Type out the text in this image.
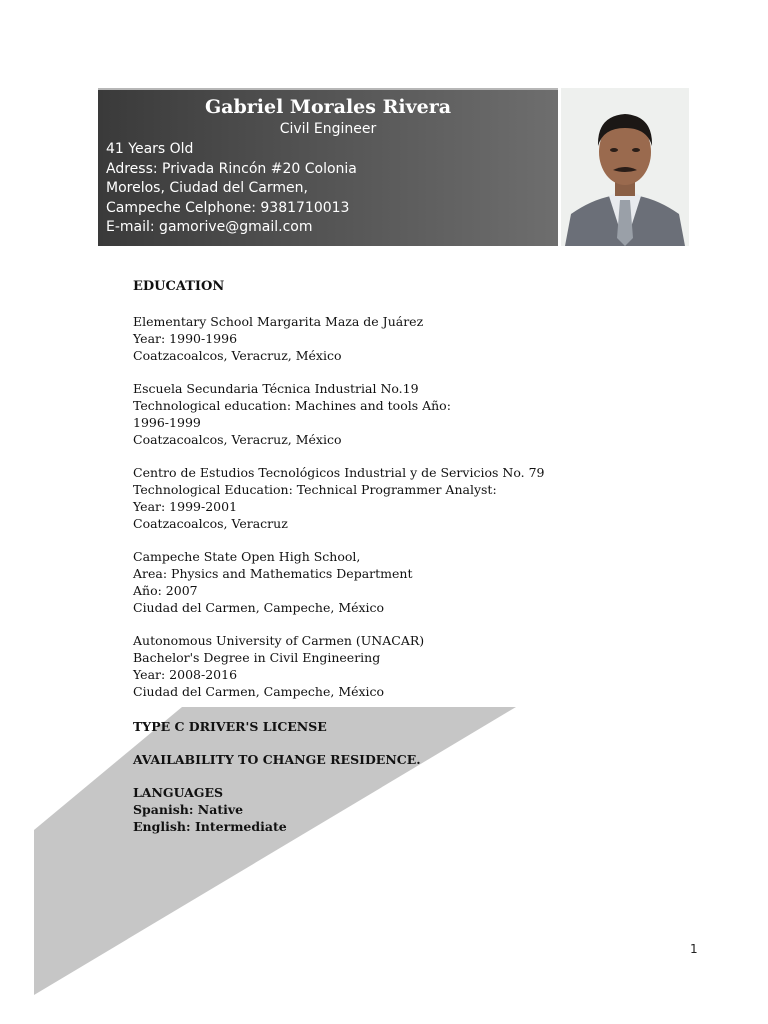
Gabriel Morales Rivera
Civil Engineer
41 Years Old
Adress: Privada Rincón #20 Colonia
Morelos, Ciudad del Carmen,
Campeche Celphone: 9381710013
E-mail: gamorive@gmail.com
EDUCATION
Elementary School Margarita Maza de Juárez
Year: 1990-1996
Coatzacoalcos, Veracruz, México
Escuela Secundaria Técnica Industrial No.19
Technological education: Machines and tools Año:
1996-1999
Coatzacoalcos, Veracruz, México
Centro de Estudios Tecnológicos Industrial y de Servicios No. 79
Technological Education: Technical Programmer Analyst:
Year: 1999-2001
Coatzacoalcos, Veracruz
Campeche State Open High School,
Area: Physics and Mathematics Department
Año: 2007
Ciudad del Carmen, Campeche, México
Autonomous University of Carmen (UNACAR)
Bachelor's Degree in Civil Engineering
Year: 2008-2016
Ciudad del Carmen, Campeche, México
TYPE C DRIVER'S LICENSE
AVAILABILITY TO CHANGE RESIDENCE.
LANGUAGES
Spanish: Native
English: Intermediate
1
